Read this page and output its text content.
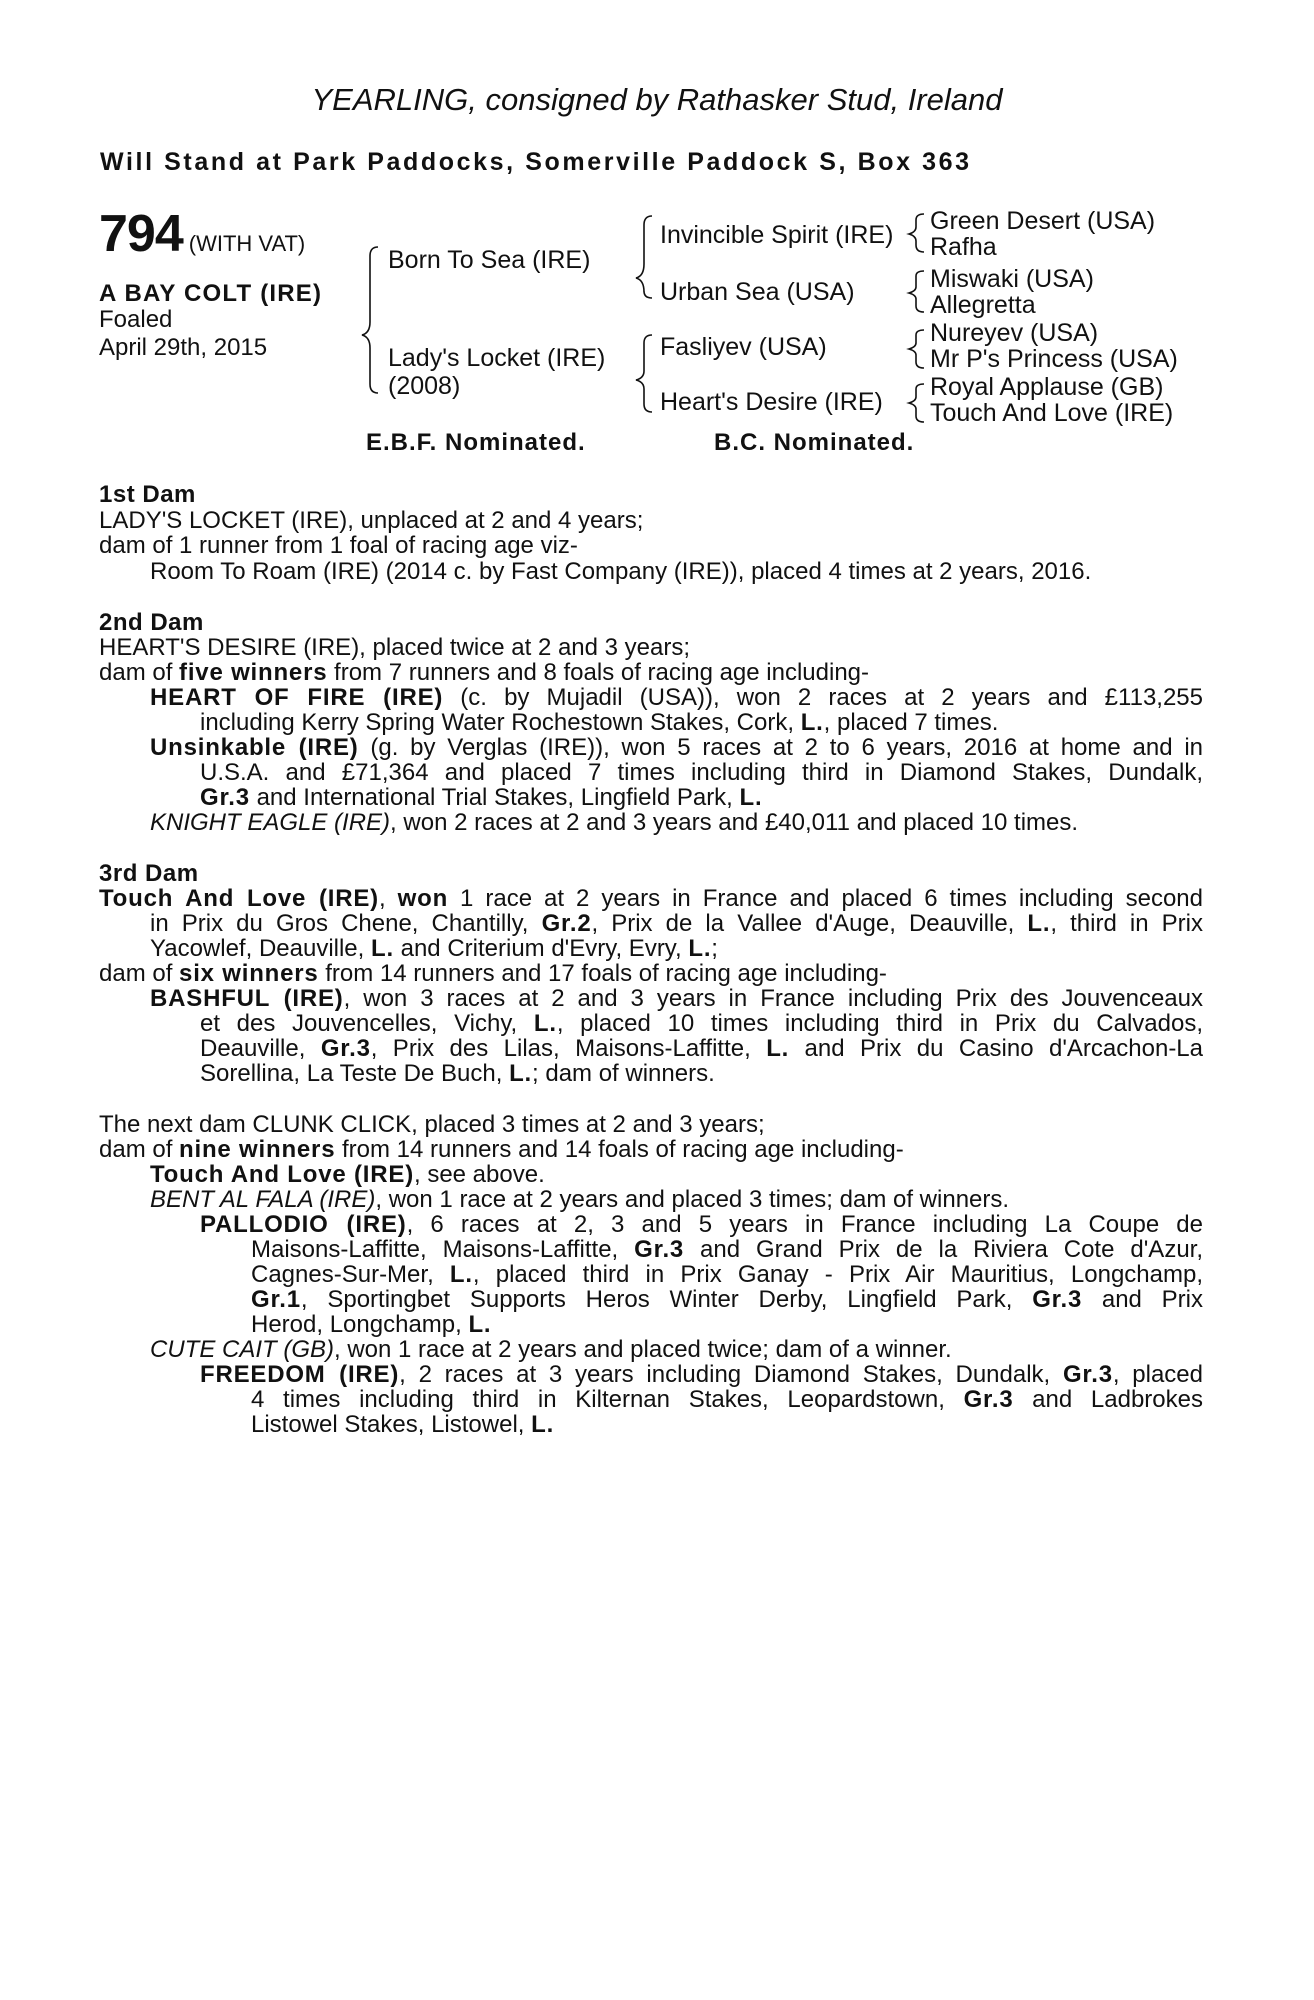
YEARLING, consigned by Rathasker Stud, Ireland
Will Stand at Park Paddocks, Somerville Paddock S, Box 363
794 (WITH VAT)
A BAY COLT (IRE)
Foaled
April 29th, 2015
Born To Sea (IRE)
Lady's Locket (IRE)
(2008)
Invincible Spirit (IRE)
Urban Sea (USA)
Fasliyev (USA)
Heart's Desire (IRE)
Green Desert (USA)
Rafha
Miswaki (USA)
Allegretta
Nureyev (USA)
Mr P's Princess (USA)
Royal Applause (GB)
Touch And Love (IRE)
E.B.F. Nominated.	B.C. Nominated.
1st Dam
LADY'S LOCKET (IRE), unplaced at 2 and 4 years;
dam of 1 runner from 1 foal of racing age viz-
Room To Roam (IRE) (2014 c. by Fast Company (IRE)), placed 4 times at 2 years, 2016.
2nd Dam
HEART'S DESIRE (IRE), placed twice at 2 and 3 years;
dam of five winners from 7 runners and 8 foals of racing age including-
HEART OF FIRE (IRE) (c. by Mujadil (USA)), won 2 races at 2 years and £113,255
including Kerry Spring Water Rochestown Stakes, Cork, L., placed 7 times.
Unsinkable (IRE) (g. by Verglas (IRE)), won 5 races at 2 to 6 years, 2016 at home and in
U.S.A. and £71,364 and placed 7 times including third in Diamond Stakes, Dundalk,
Gr.3 and International Trial Stakes, Lingfield Park, L.
KNIGHT EAGLE (IRE), won 2 races at 2 and 3 years and £40,011 and placed 10 times.
3rd Dam
Touch And Love (IRE), won 1 race at 2 years in France and placed 6 times including second
in Prix du Gros Chene, Chantilly, Gr.2, Prix de la Vallee d'Auge, Deauville, L., third in Prix
Yacowlef, Deauville, L. and Criterium d'Evry, Evry, L.;
dam of six winners from 14 runners and 17 foals of racing age including-
BASHFUL (IRE), won 3 races at 2 and 3 years in France including Prix des Jouvenceaux
et des Jouvencelles, Vichy, L., placed 10 times including third in Prix du Calvados,
Deauville, Gr.3, Prix des Lilas, Maisons-Laffitte, L. and Prix du Casino d'Arcachon-La
Sorellina, La Teste De Buch, L.; dam of winners.
The next dam CLUNK CLICK, placed 3 times at 2 and 3 years;
dam of nine winners from 14 runners and 14 foals of racing age including-
Touch And Love (IRE), see above.
BENT AL FALA (IRE), won 1 race at 2 years and placed 3 times; dam of winners.
PALLODIO (IRE), 6 races at 2, 3 and 5 years in France including La Coupe de
Maisons-Laffitte, Maisons-Laffitte, Gr.3 and Grand Prix de la Riviera Cote d'Azur,
Cagnes-Sur-Mer, L., placed third in Prix Ganay - Prix Air Mauritius, Longchamp,
Gr.1, Sportingbet Supports Heros Winter Derby, Lingfield Park, Gr.3 and Prix
Herod, Longchamp, L.
CUTE CAIT (GB), won 1 race at 2 years and placed twice; dam of a winner.
FREEDOM (IRE), 2 races at 3 years including Diamond Stakes, Dundalk, Gr.3, placed
4 times including third in Kilternan Stakes, Leopardstown, Gr.3 and Ladbrokes
Listowel Stakes, Listowel, L.
